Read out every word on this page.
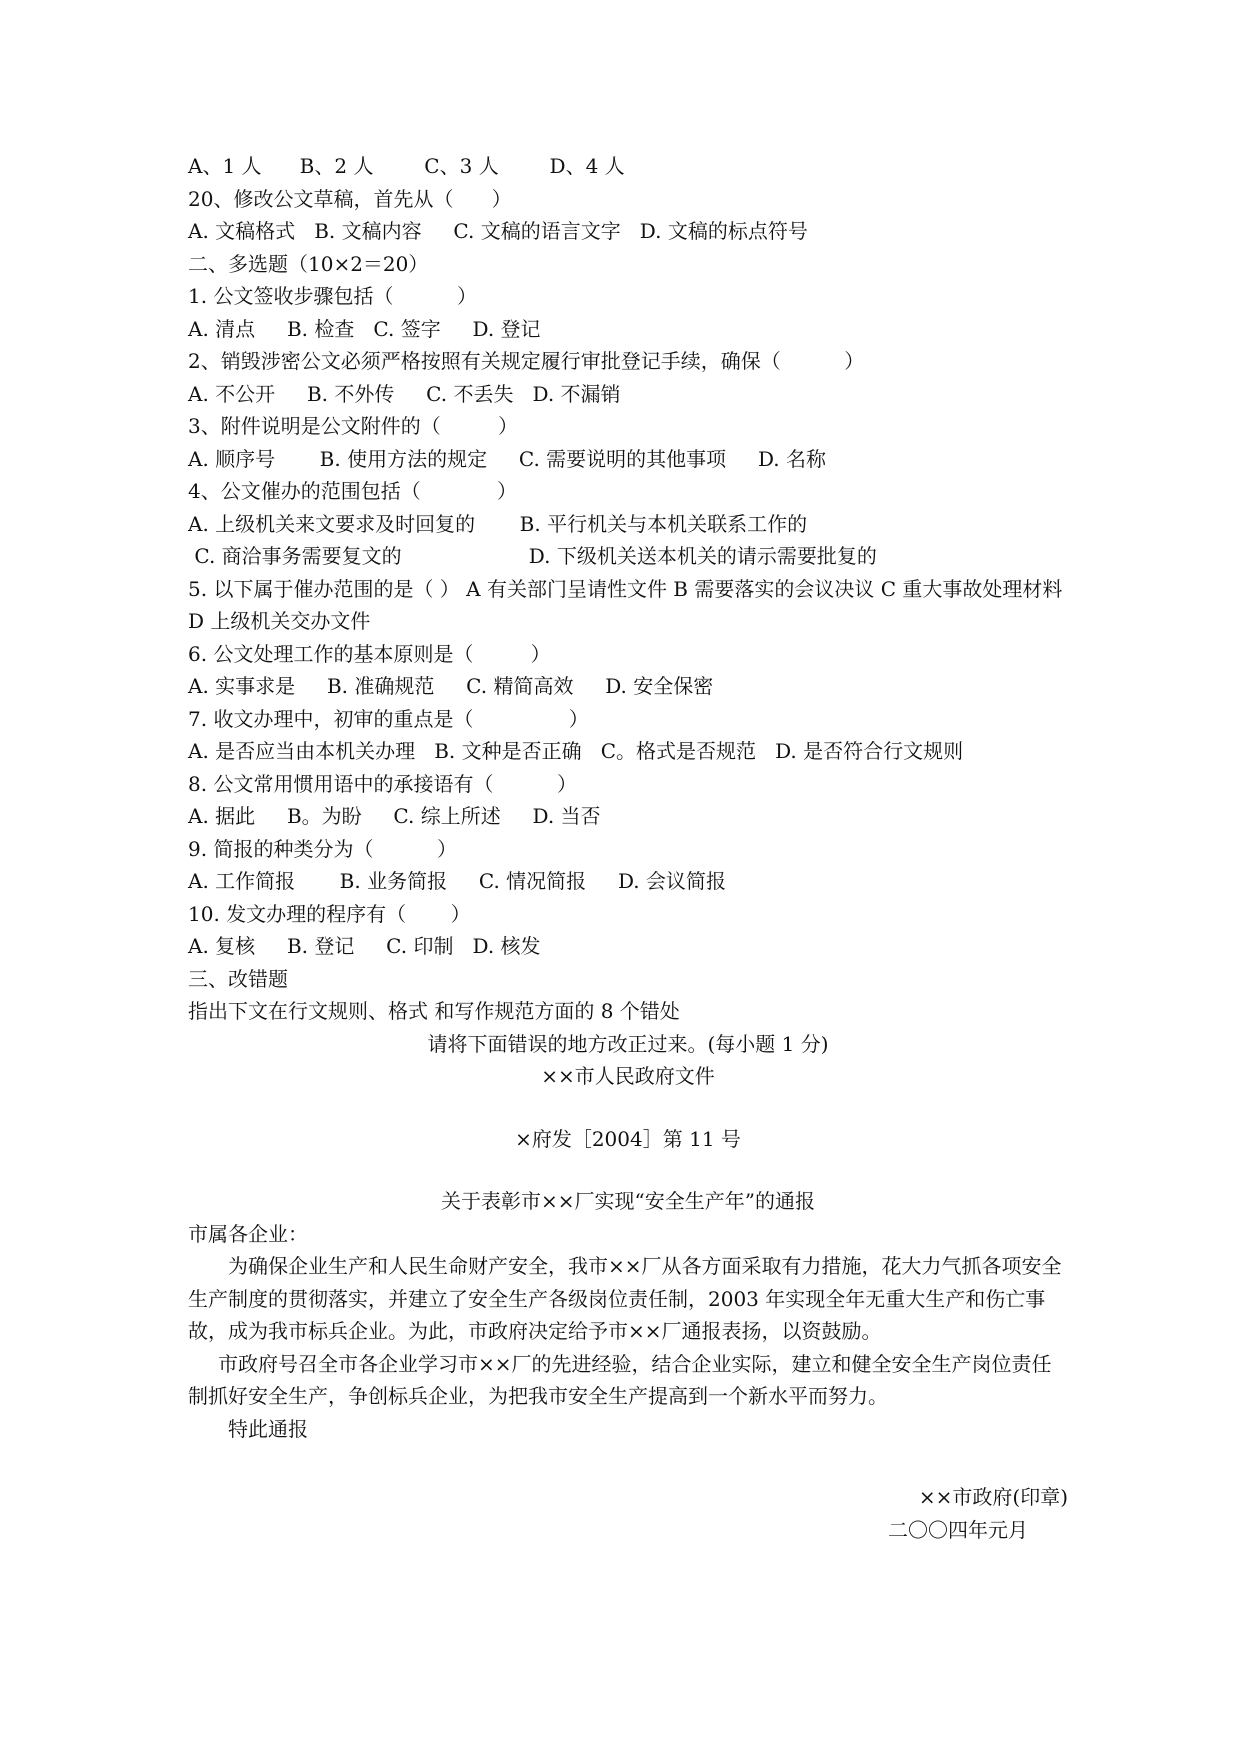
A、1 人      B、2 人        C、3 人        D、4 人

20、修改公文草稿，首先从（      ）

A. 文稿格式   B. 文稿内容     C. 文稿的语言文字   D. 文稿的标点符号

二、多选题（10×2＝20）

1. 公文签收步骤包括（          ）

A. 清点     B. 检查   C. 签字     D. 登记

2、销毁涉密公文必须严格按照有关规定履行审批登记手续，确保（          ）

A. 不公开     B. 不外传     C. 不丢失   D. 不漏销

3、附件说明是公文附件的（         ）

A. 顺序号       B. 使用方法的规定     C. 需要说明的其他事项     D. 名称

4、公文催办的范围包括（            ）

A. 上级机关来文要求及时回复的       B. 平行机关与本机关联系工作的

C. 商洽事务需要复文的                    D. 下级机关送本机关的请示需要批复的

5. 以下属于催办范围的是（ ） A 有关部门呈请性文件 B 需要落实的会议决议 C 重大事故处理材料 D 上级机关交办文件

6. 公文处理工作的基本原则是（         ）

A. 实事求是     B. 准确规范     C. 精简高效     D. 安全保密

7. 收文办理中，初审的重点是（               ）

A. 是否应当由本机关办理   B. 文种是否正确   C。格式是否规范   D. 是否符合行文规则

8. 公文常用惯用语中的承接语有（          ）

A. 据此     B。为盼     C. 综上所述     D. 当否

9. 简报的种类分为（          ）

A. 工作简报       B. 业务简报     C. 情况简报     D. 会议简报

10. 发文办理的程序有（       ）

A. 复核     B. 登记     C. 印制   D. 核发

三、改错题

指出下文在行文规则、格式 和写作规范方面的 8 个错处

请将下面错误的地方改正过来。(每小题 1 分)

××市人民政府文件

×府发［2004］第 11 号

关于表彰市××厂实现“安全生产年”的通报

市属各企业：

为确保企业生产和人民生命财产安全，我市××厂从各方面采取有力措施，花大力气抓各项安全生产制度的贯彻落实，并建立了安全生产各级岗位责任制，2003 年实现全年无重大生产和伤亡事故，成为我市标兵企业。为此，市政府决定给予市××厂通报表扬，以资鼓励。

市政府号召全市各企业学习市××厂的先进经验，结合企业实际，建立和健全安全生产岗位责任制抓好安全生产，争创标兵企业，为把我市安全生产提高到一个新水平而努力。

特此通报

××市政府(印章)

二〇〇四年元月
